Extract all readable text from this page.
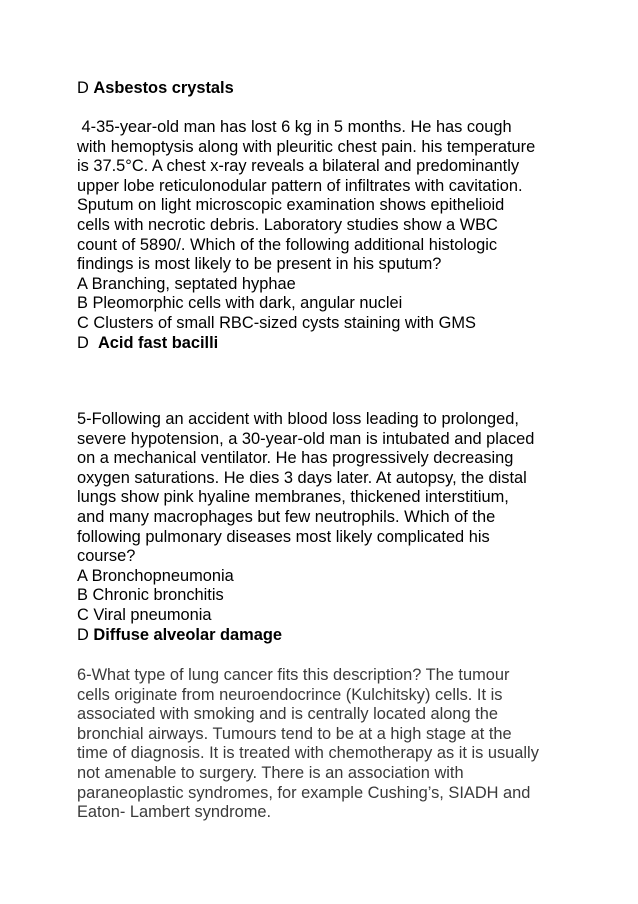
D Asbestos crystals
4-35-year-old man has lost 6 kg in 5 months. He has cough
with hemoptysis along with pleuritic chest pain. his temperature
is 37.5°C. A chest x-ray reveals a bilateral and predominantly
upper lobe reticulonodular pattern of infiltrates with cavitation.
Sputum on light microscopic examination shows epithelioid
cells with necrotic debris. Laboratory studies show a WBC
count of 5890/. Which of the following additional histologic
findings is most likely to be present in his sputum?
A Branching, septated hyphae
B Pleomorphic cells with dark, angular nuclei
C Clusters of small RBC-sized cysts staining with GMS
D Acid fast bacilli
5-Following an accident with blood loss leading to prolonged,
severe hypotension, a 30-year-old man is intubated and placed
on a mechanical ventilator. He has progressively decreasing
oxygen saturations. He dies 3 days later. At autopsy, the distal
lungs show pink hyaline membranes, thickened interstitium,
and many macrophages but few neutrophils. Which of the
following pulmonary diseases most likely complicated his
course?
A Bronchopneumonia
B Chronic bronchitis
C Viral pneumonia
D Diffuse alveolar damage
6-What type of lung cancer fits this description? The tumour
cells originate from neuroendocrince (Kulchitsky) cells. It is
associated with smoking and is centrally located along the
bronchial airways. Tumours tend to be at a high stage at the
time of diagnosis. It is treated with chemotherapy as it is usually
not amenable to surgery. There is an association with
paraneoplastic syndromes, for example Cushing’s, SIADH and
Eaton- Lambert syndrome.
